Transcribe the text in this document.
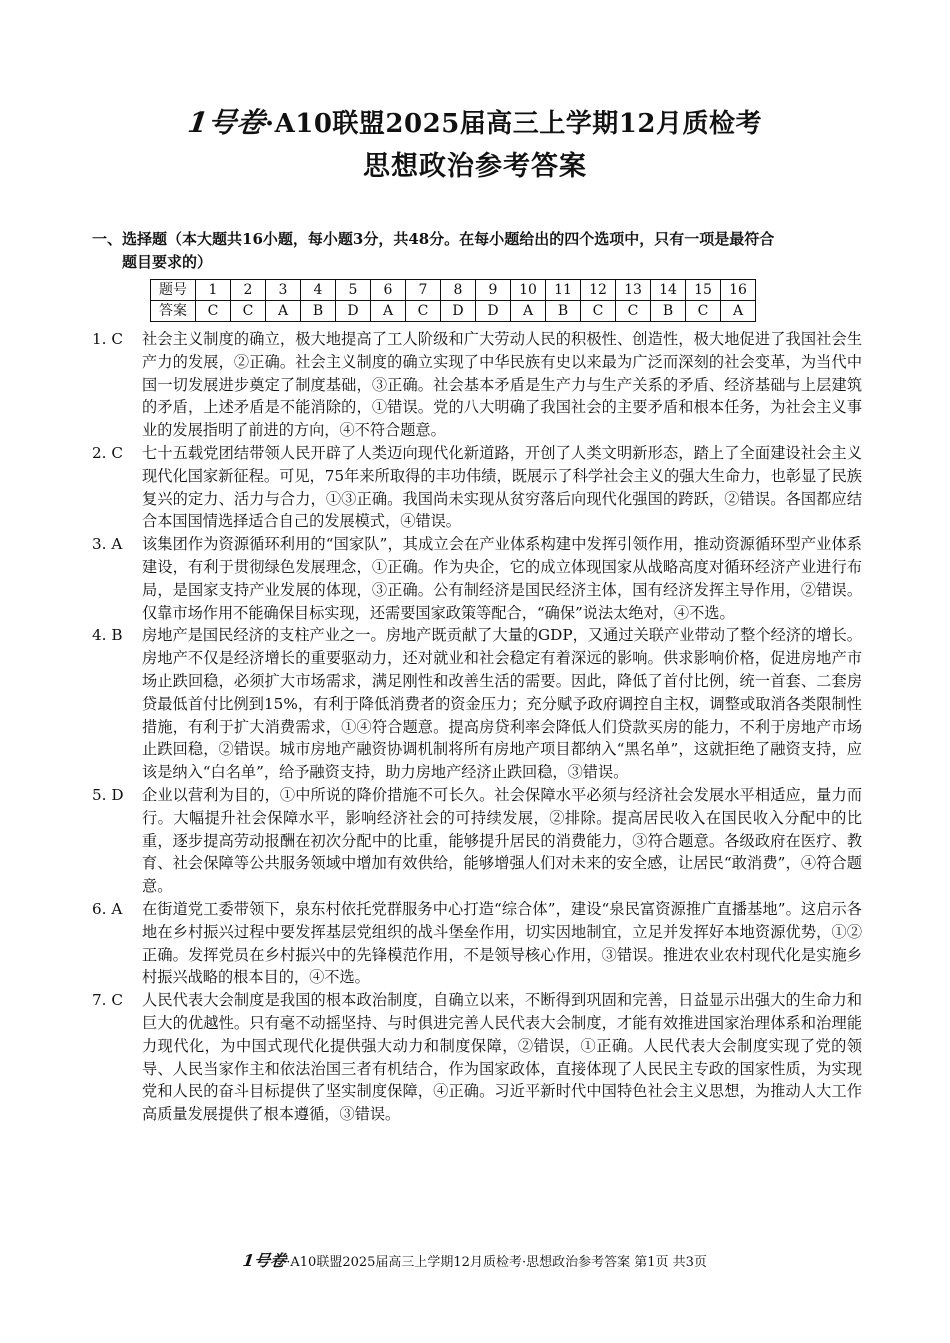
1号卷·A10联盟2025届高三上学期12月质检考
思想政治参考答案
一、选择题（本大题共16小题，每小题3分，共48分。在每小题给出的四个选项中，只有一项是最符合
题目要求的）
题号	1	2	3	4	5	6	7	8	9	10	11	12	13	14	15	16
答案	C	C	A	B	D	A	C	D	D	A	B	C	C	B	C	A
1. C	社会主义制度的确立，极大地提高了工人阶级和广大劳动人民的积极性、创造性，极大地促进了我国社会生产力的发展，②正确。社会主义制度的确立实现了中华民族有史以来最为广泛而深刻的社会变革，为当代中国一切发展进步奠定了制度基础，③正确。社会基本矛盾是生产力与生产关系的矛盾、经济基础与上层建筑的矛盾，上述矛盾是不能消除的，①错误。党的八大明确了我国社会的主要矛盾和根本任务，为社会主义事业的发展指明了前进的方向，④不符合题意。
2. C	七十五载党团结带领人民开辟了人类迈向现代化新道路，开创了人类文明新形态，踏上了全面建设社会主义现代化国家新征程。可见，75年来所取得的丰功伟绩，既展示了科学社会主义的强大生命力，也彰显了民族复兴的定力、活力与合力，①③正确。我国尚未实现从贫穷落后向现代化强国的跨跃，②错误。各国都应结合本国国情选择适合自己的发展模式，④错误。
3. A	该集团作为资源循环利用的“国家队”，其成立会在产业体系构建中发挥引领作用，推动资源循环型产业体系建设，有利于贯彻绿色发展理念，①正确。作为央企，它的成立体现国家从战略高度对循环经济产业进行布局，是国家支持产业发展的体现，③正确。公有制经济是国民经济主体，国有经济发挥主导作用，②错误。仅靠市场作用不能确保目标实现，还需要国家政策等配合，“确保”说法太绝对，④不选。
4. B	房地产是国民经济的支柱产业之一。房地产既贡献了大量的GDP，又通过关联产业带动了整个经济的增长。房地产不仅是经济增长的重要驱动力，还对就业和社会稳定有着深远的影响。供求影响价格，促进房地产市场止跌回稳，必须扩大市场需求，满足刚性和改善生活的需要。因此，降低了首付比例，统一首套、二套房贷最低首付比例到15%，有利于降低消费者的资金压力；充分赋予政府调控自主权，调整或取消各类限制性措施，有利于扩大消费需求，①④符合题意。提高房贷利率会降低人们贷款买房的能力，不利于房地产市场止跌回稳，②错误。城市房地产融资协调机制将所有房地产项目都纳入“黑名单”，这就拒绝了融资支持，应该是纳入“白名单”，给予融资支持，助力房地产经济止跌回稳，③错误。
5. D	企业以营利为目的，①中所说的降价措施不可长久。社会保障水平必须与经济社会发展水平相适应，量力而行。大幅提升社会保障水平，影响经济社会的可持续发展，②排除。提高居民收入在国民收入分配中的比重，逐步提高劳动报酬在初次分配中的比重，能够提升居民的消费能力，③符合题意。各级政府在医疗、教育、社会保障等公共服务领域中增加有效供给，能够增强人们对未来的安全感，让居民“敢消费”，④符合题意。
6. A	在街道党工委带领下，泉东村依托党群服务中心打造“综合体”，建设“泉民富资源推广直播基地”。这启示各地在乡村振兴过程中要发挥基层党组织的战斗堡垒作用，切实因地制宜，立足并发挥好本地资源优势，①②正确。发挥党员在乡村振兴中的先锋模范作用，不是领导核心作用，③错误。推进农业农村现代化是实施乡村振兴战略的根本目的，④不选。
7. C	人民代表大会制度是我国的根本政治制度，自确立以来，不断得到巩固和完善，日益显示出强大的生命力和巨大的优越性。只有毫不动摇坚持、与时俱进完善人民代表大会制度，才能有效推进国家治理体系和治理能力现代化，为中国式现代化提供强大动力和制度保障，②错误，①正确。人民代表大会制度实现了党的领导、人民当家作主和依法治国三者有机结合，作为国家政体，直接体现了人民民主专政的国家性质，为实现党和人民的奋斗目标提供了坚实制度保障，④正确。习近平新时代中国特色社会主义思想，为推动人大工作高质量发展提供了根本遵循，③错误。
1号卷·A10联盟2025届高三上学期12月质检考·思想政治参考答案 第1页 共3页
